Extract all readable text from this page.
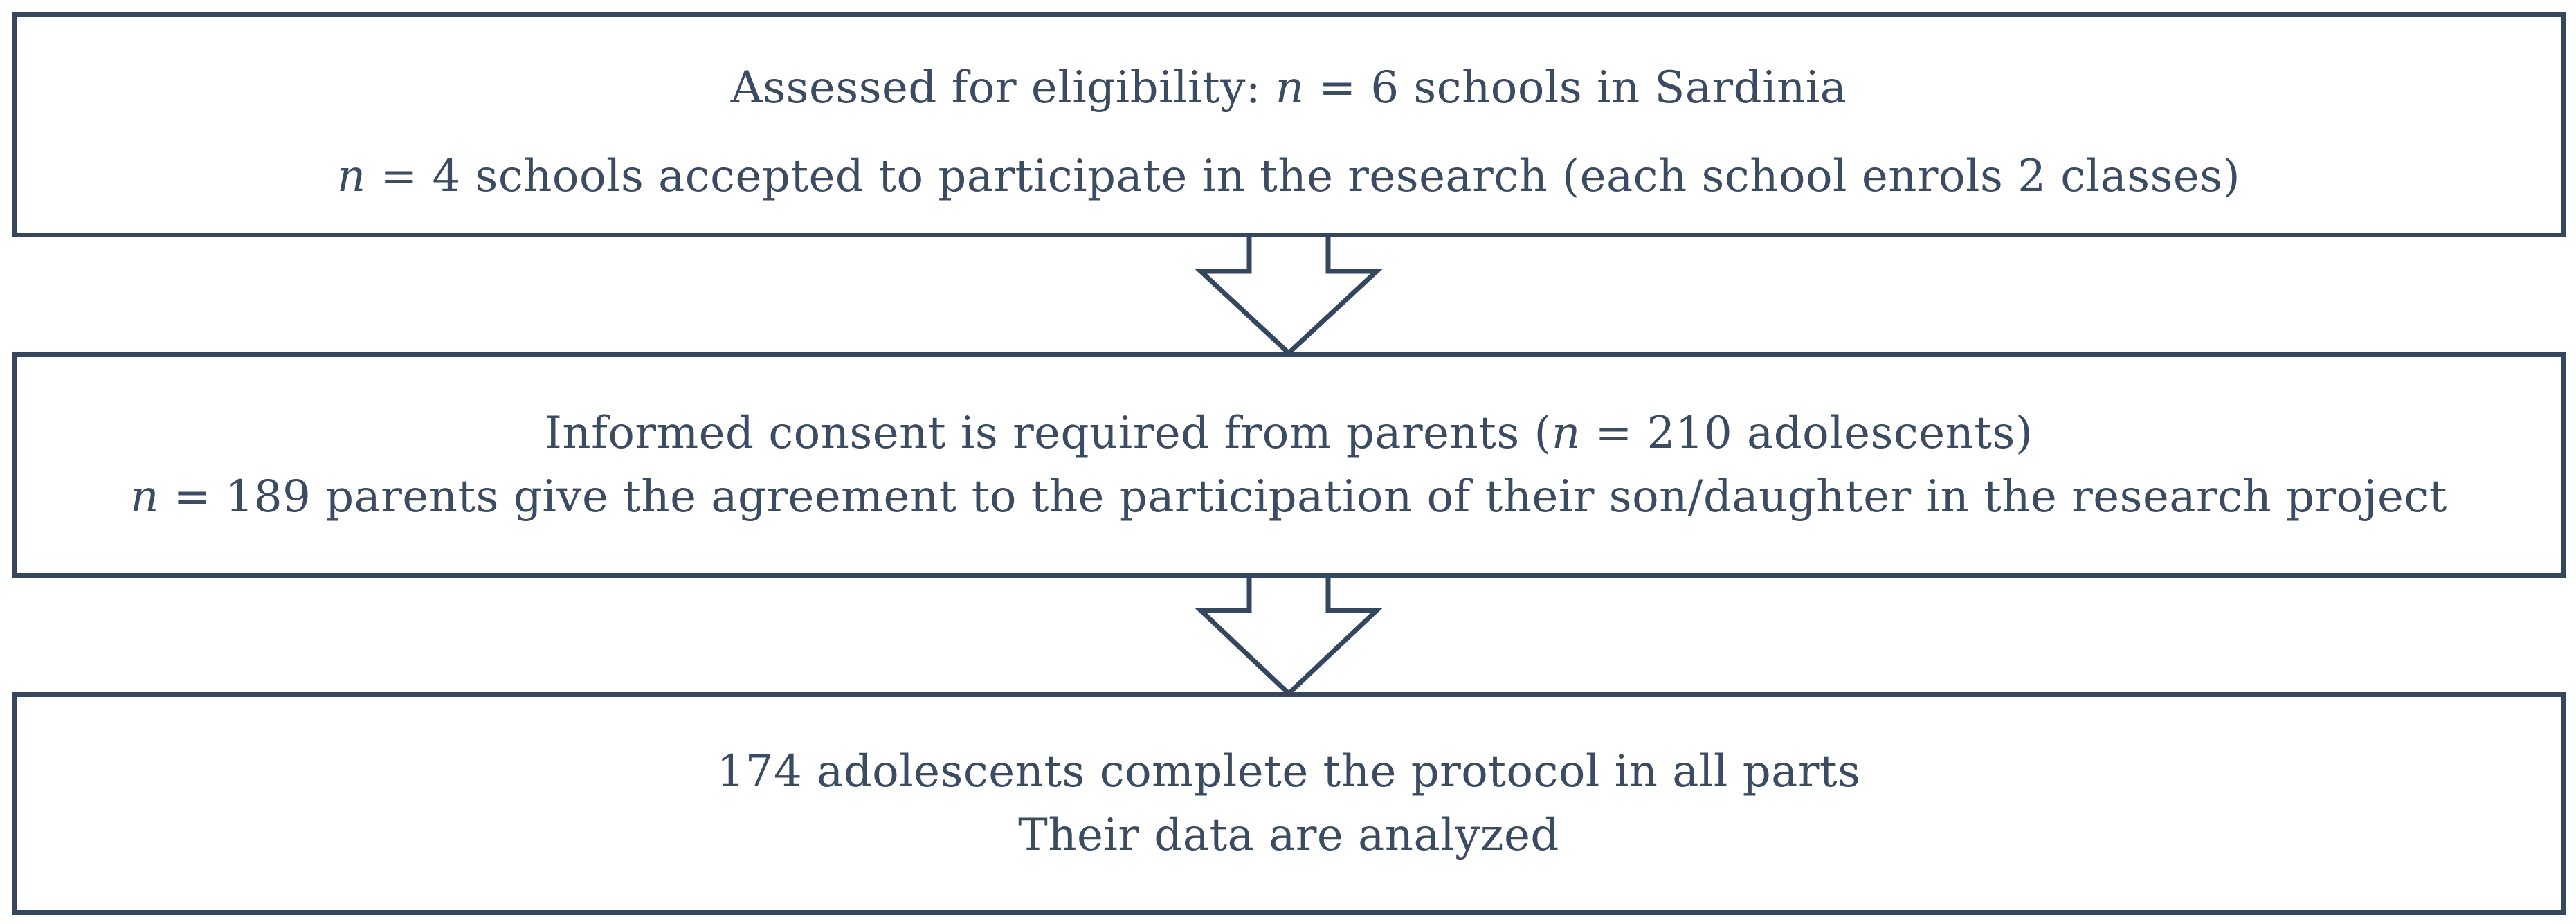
Assessed for eligibility: n = 6 schools in Sardinia
n = 4 schools accepted to participate in the research (each school enrols 2 classes)
Informed consent is required from parents (n = 210 adolescents)
n = 189 parents give the agreement to the participation of their son/daughter in the research project
174 adolescents complete the protocol in all parts
Their data are analyzed
